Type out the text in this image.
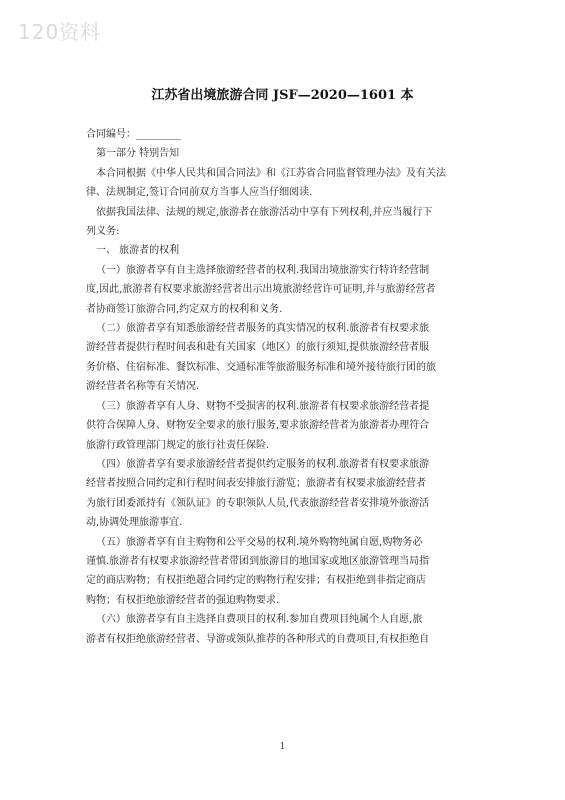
120资料
江苏省出境旅游合同 JSF—2020—1601 本
合同编号：_________
第一部分 特别告知
本合同根据《中华人民共和国合同法》和《江苏省合同监督管理办法》及有关法
律、法规制定,签订合同前双方当事人应当仔细阅读.
依据我国法律、法规的规定,旅游者在旅游活动中享有下列权利,并应当履行下
列义务:
一、 旅游者的权利
（一）旅游者享有自主选择旅游经营者的权利.我国出境旅游实行特许经营制
度,因此,旅游者有权要求旅游经营者出示出境旅游经营许可证明,并与旅游经营者
者协商签订旅游合同,约定双方的权利和义务.
（二）旅游者享有知悉旅游经营者服务的真实情况的权利.旅游者有权要求旅
游经营者提供行程时间表和赴有关国家（地区）的旅行须知,提供旅游经营者服
务价格、住宿标准、餐饮标准、交通标准等旅游服务标准和境外接待旅行团的旅
游经营者名称等有关情况.
（三）旅游者享有人身、财物不受损害的权利.旅游者有权要求旅游经营者提
供符合保障人身、财物安全要求的旅行服务,要求旅游经营者为旅游者办理符合
旅游行政管理部门规定的旅行社责任保险.
（四）旅游者享有要求旅游经营者提供约定服务的权利.旅游者有权要求旅游
经营者按照合同约定和行程时间表安排旅行游览；旅游者有权要求旅游经营者
为旅行团委派持有《领队证》的专职领队人员,代表旅游经营者安排境外旅游活
动,协调处理旅游事宜.
（五）旅游者享有自主购物和公平交易的权利.境外购物纯属自愿,购物务必
谨慎.旅游者有权要求旅游经营者带团到旅游目的地国家或地区旅游管理当局指
定的商店购物；有权拒绝超合同约定的购物行程安排；有权拒绝到非指定商店
购物；有权拒绝旅游经营者的强迫购物要求.
（六）旅游者享有自主选择自费项目的权利.参加自费项目纯属个人自愿,旅
游者有权拒绝旅游经营者、导游或领队推荐的各种形式的自费项目,有权拒绝自
1
